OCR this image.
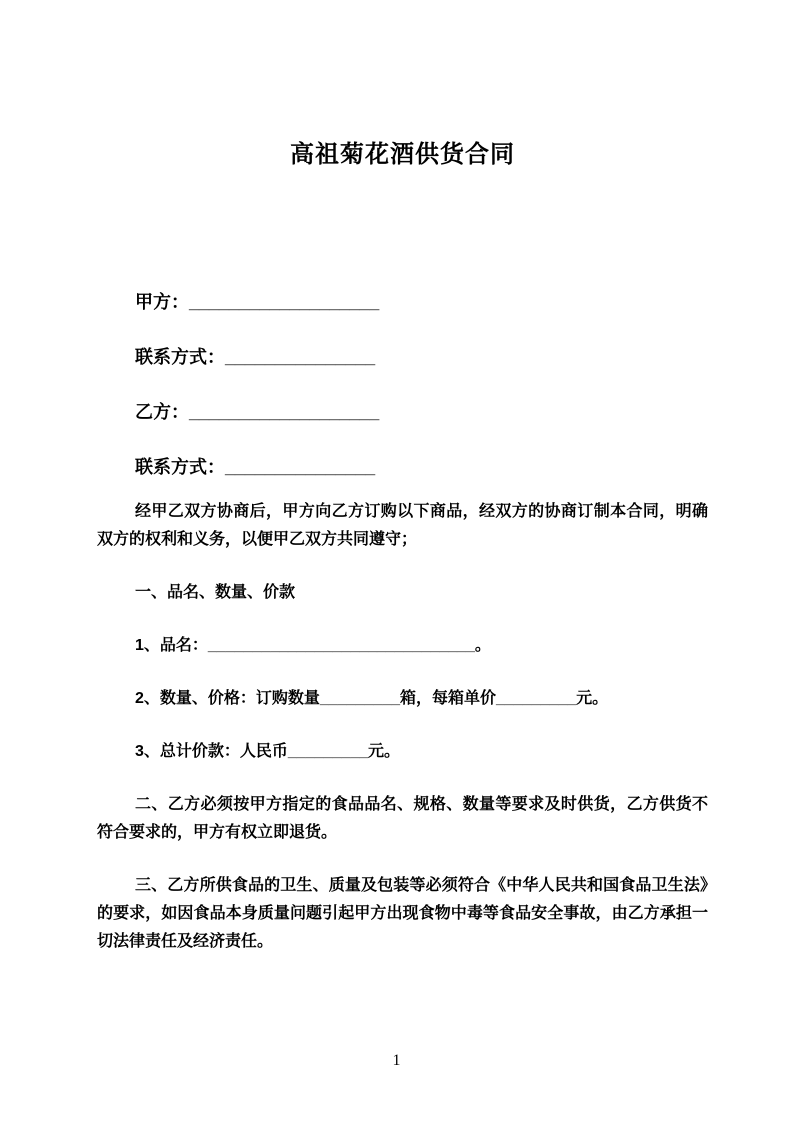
高祖菊花酒供货合同

甲方：___________________

联系方式：_______________

乙方：___________________

联系方式：_______________

经甲乙双方协商后，甲方向乙方订购以下商品，经双方的协商订制本合同，明确双方的权利和义务，以便甲乙双方共同遵守；

一、品名、数量、价款

1、品名：______________________________。

2、数量、价格：订购数量_________箱，每箱单价_________元。

3、总计价款：人民币_________元。

二、乙方必须按甲方指定的食品品名、规格、数量等要求及时供货，乙方供货不符合要求的，甲方有权立即退货。

三、乙方所供食品的卫生、质量及包装等必须符合《中华人民共和国食品卫生法》的要求，如因食品本身质量问题引起甲方出现食物中毒等食品安全事故，由乙方承担一切法律责任及经济责任。

1
